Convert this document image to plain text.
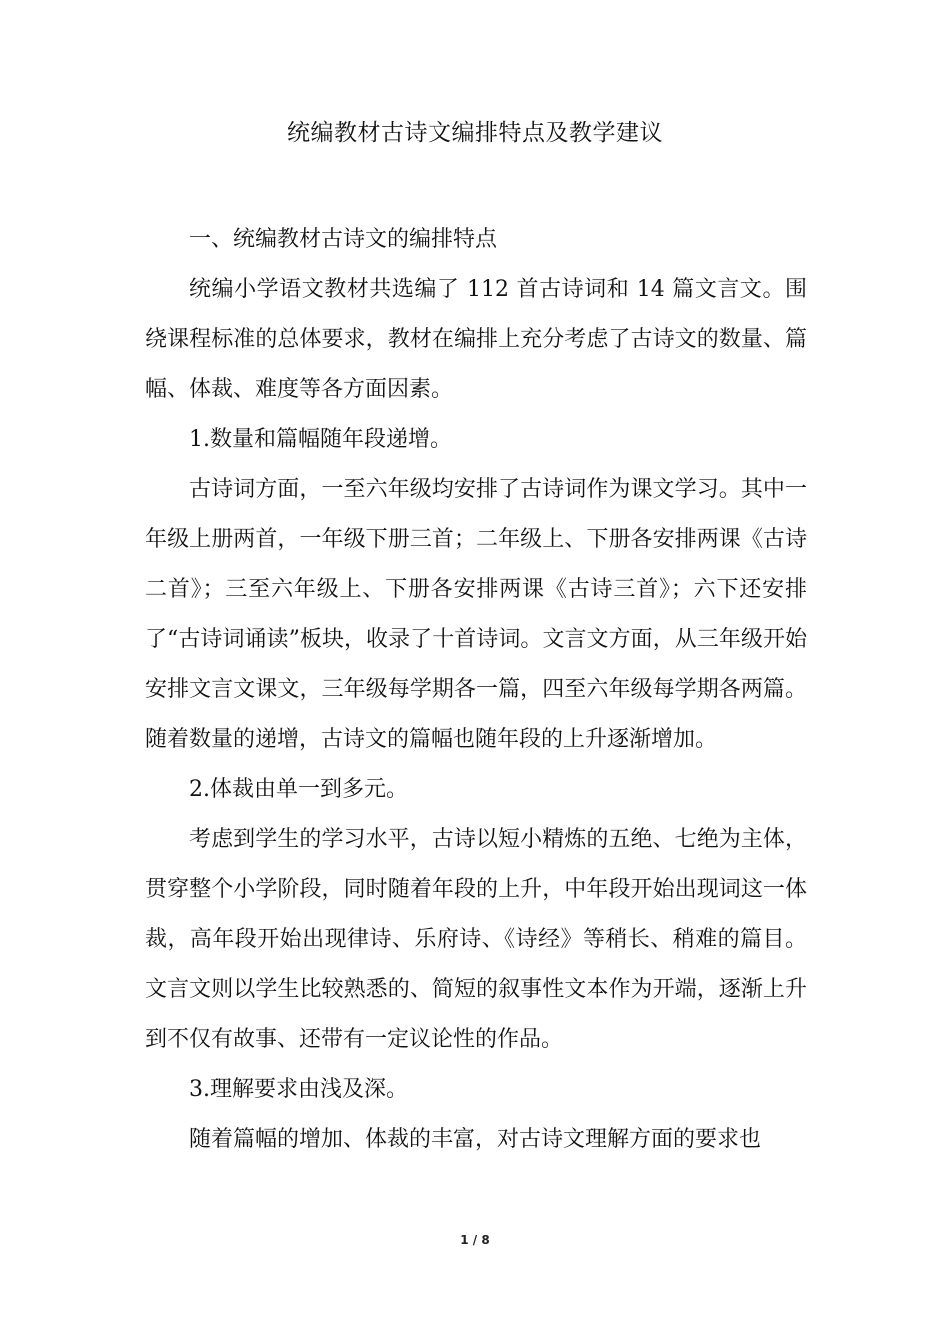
统编教材古诗文编排特点及教学建议

一、统编教材古诗文的编排特点

统编小学语文教材共选编了 112 首古诗词和 14 篇文言文。围绕课程标准的总体要求，教材在编排上充分考虑了古诗文的数量、篇幅、体裁、难度等各方面因素。

1.数量和篇幅随年段递增。

古诗词方面，一至六年级均安排了古诗词作为课文学习。其中一年级上册两首，一年级下册三首；二年级上、下册各安排两课《古诗二首》；三至六年级上、下册各安排两课《古诗三首》；六下还安排了“古诗词诵读”板块，收录了十首诗词。文言文方面，从三年级开始安排文言文课文，三年级每学期各一篇，四至六年级每学期各两篇。随着数量的递增，古诗文的篇幅也随年段的上升逐渐增加。

2.体裁由单一到多元。

考虑到学生的学习水平，古诗以短小精炼的五绝、七绝为主体，贯穿整个小学阶段，同时随着年段的上升，中年段开始出现词这一体裁，高年段开始出现律诗、乐府诗、《诗经》等稍长、稍难的篇目。文言文则以学生比较熟悉的、简短的叙事性文本作为开端，逐渐上升到不仅有故事、还带有一定议论性的作品。

3.理解要求由浅及深。

随着篇幅的增加、体裁的丰富，对古诗文理解方面的要求也

1 / 8
